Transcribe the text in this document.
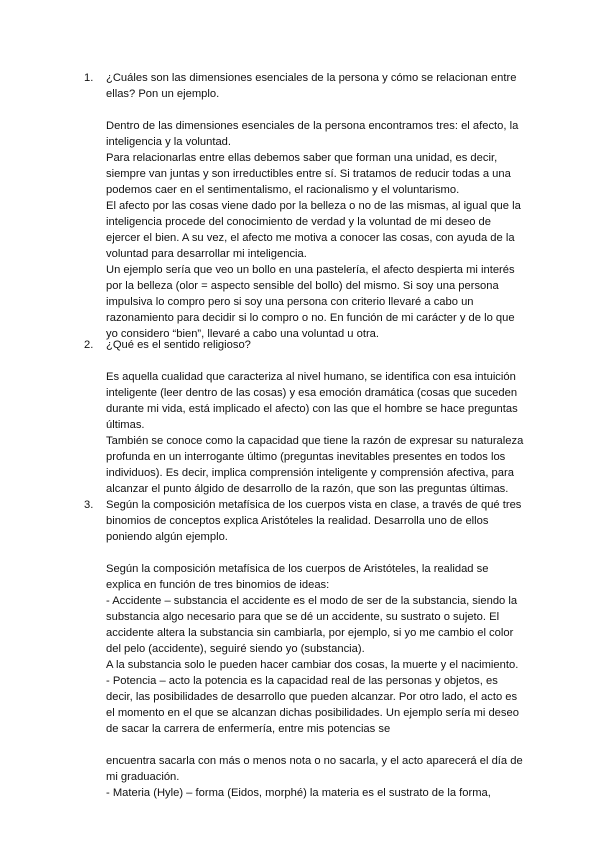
1. ¿Cuáles son las dimensiones esenciales de la persona y cómo se relacionan entre ellas? Pon un ejemplo.

Dentro de las dimensiones esenciales de la persona encontramos tres: el afecto, la inteligencia y la voluntad.

Para relacionarlas entre ellas debemos saber que forman una unidad, es decir, siempre van juntas y son irreductibles entre sí. Si tratamos de reducir todas a una podemos caer en el sentimentalismo, el racionalismo y el voluntarismo.

El afecto por las cosas viene dado por la belleza o no de las mismas, al igual que la inteligencia procede del conocimiento de verdad y la voluntad de mi deseo de ejercer el bien. A su vez, el afecto me motiva a conocer las cosas, con ayuda de la voluntad para desarrollar mi inteligencia.

Un ejemplo sería que veo un bollo en una pastelería, el afecto despierta mi interés por la belleza (olor = aspecto sensible del bollo) del mismo. Si soy una persona impulsiva lo compro pero si soy una persona con criterio llevaré a cabo un razonamiento para decidir si lo compro o no. En función de mi carácter y de lo que yo considero “bien”, llevaré a cabo una voluntad u otra.

2. ¿Qué es el sentido religioso?

Es aquella cualidad que caracteriza al nivel humano, se identifica con esa intuición inteligente (leer dentro de las cosas) y esa emoción dramática (cosas que suceden durante mi vida, está implicado el afecto) con las que el hombre se hace preguntas últimas.

También se conoce como la capacidad que tiene la razón de expresar su naturaleza profunda en un interrogante último (preguntas inevitables presentes en todos los individuos). Es decir, implica comprensión inteligente y comprensión afectiva, para alcanzar el punto álgido de desarrollo de la razón, que son las preguntas últimas.

3. Según la composición metafísica de los cuerpos vista en clase, a través de qué tres binomios de conceptos explica Aristóteles la realidad. Desarrolla uno de ellos poniendo algún ejemplo.

Según la composición metafísica de los cuerpos de Aristóteles, la realidad se explica en función de tres binomios de ideas:

- Accidente – substancia el accidente es el modo de ser de la substancia, siendo la substancia algo necesario para que se dé un accidente, su sustrato o sujeto. El accidente altera la substancia sin cambiarla, por ejemplo, si yo me cambio el color del pelo (accidente), seguiré siendo yo (substancia).

A la substancia solo le pueden hacer cambiar dos cosas, la muerte y el nacimiento.

- Potencia – acto la potencia es la capacidad real de las personas y objetos, es decir, las posibilidades de desarrollo que pueden alcanzar. Por otro lado, el acto es el momento en el que se alcanzan dichas posibilidades. Un ejemplo sería mi deseo de sacar la carrera de enfermería, entre mis potencias se

encuentra sacarla con más o menos nota o no sacarla, y el acto aparecerá el día de mi graduación.

- Materia (Hyle) – forma (Eidos, morphé) la materia es el sustrato de la forma,
